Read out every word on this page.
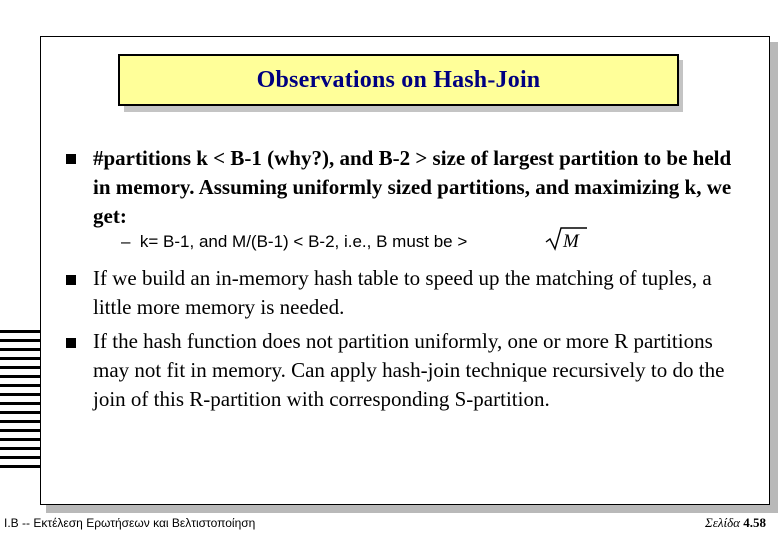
Observations on Hash-Join
#partitions k < B-1 (why?), and B-2 > size of largest partition to be held in memory. Assuming uniformly sized partitions, and maximizing k, we get:
–  k= B-1, and M/(B-1) < B-2, i.e., B must be >	M
If we build an in-memory hash table to speed up the matching of tuples, a little more memory is needed.
If the hash function does not partition uniformly, one or more R partitions may not fit in memory. Can apply hash-join technique recursively to do the join of this R-partition with corresponding S-partition.
Ι.Β -- Εκτέλεση Ερωτήσεων και Βελτιστοποίηση	Σελίδα 4.58
